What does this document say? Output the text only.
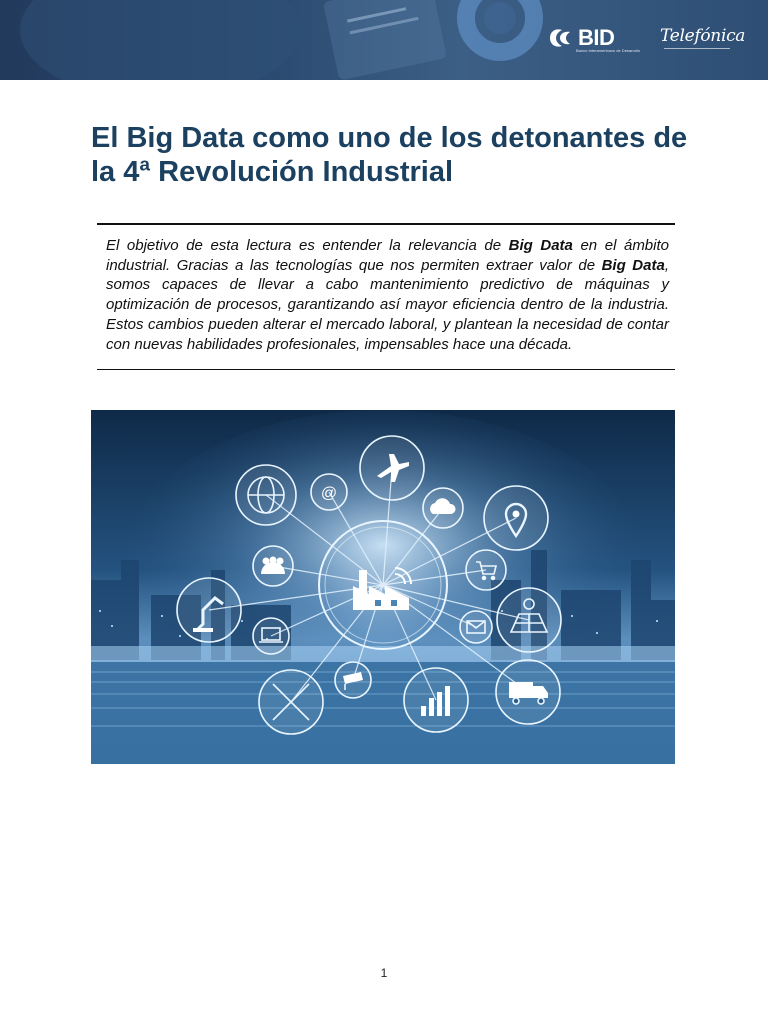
BID
Banco Interamericano de Desarrollo
Telefónica
El Big Data como uno de los detonantes de la 4ª Revolución Industrial

El objetivo de esta lectura es entender la relevancia de Big Data en el ámbito industrial. Gracias a las tecnologías que nos permiten extraer valor de Big Data, somos capaces de llevar a cabo mantenimiento predictivo de máquinas y optimización de procesos, garantizando así mayor eficiencia dentro de la industria. Estos cambios pueden alterar el mercado laboral, y plantean la necesidad de contar con nuevas habilidades profesionales, impensables hace una década.

@
1
